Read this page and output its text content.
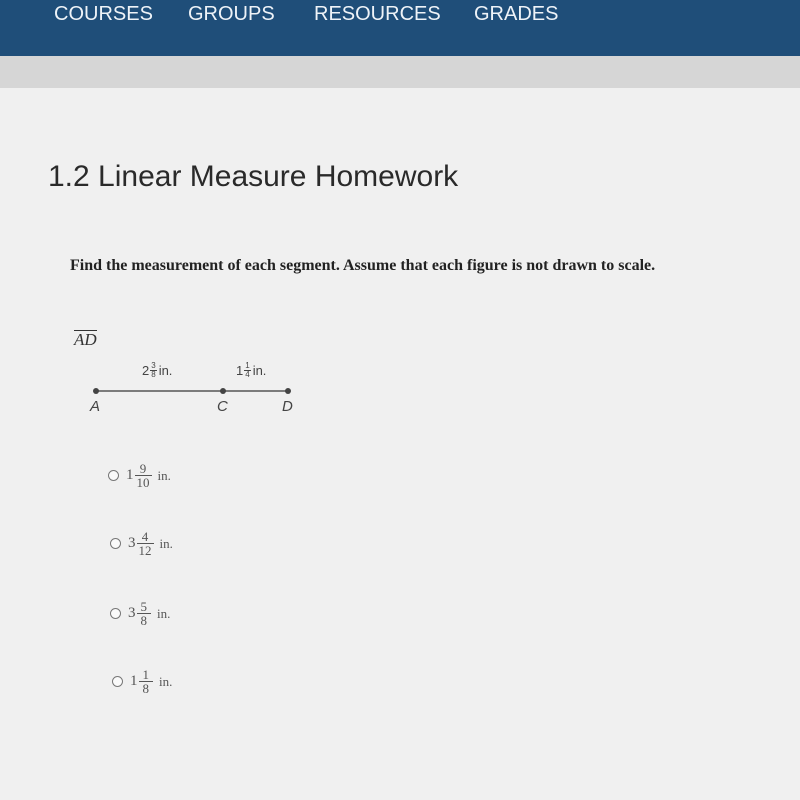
COURSES GROUPS RESOURCES GRADES
1.2 Linear Measure Homework
Find the measurement of each segment. Assume that each figure is not drawn to scale.
AD
$2 \frac{3}{8}$ in.	$1 \frac{1}{4}$ in.
A	C	D
$1 \frac{9}{10}$ in.
$3 \frac{4}{12}$ in.
$3 \frac{5}{8}$ in.
$1 \frac{1}{8}$ in.
